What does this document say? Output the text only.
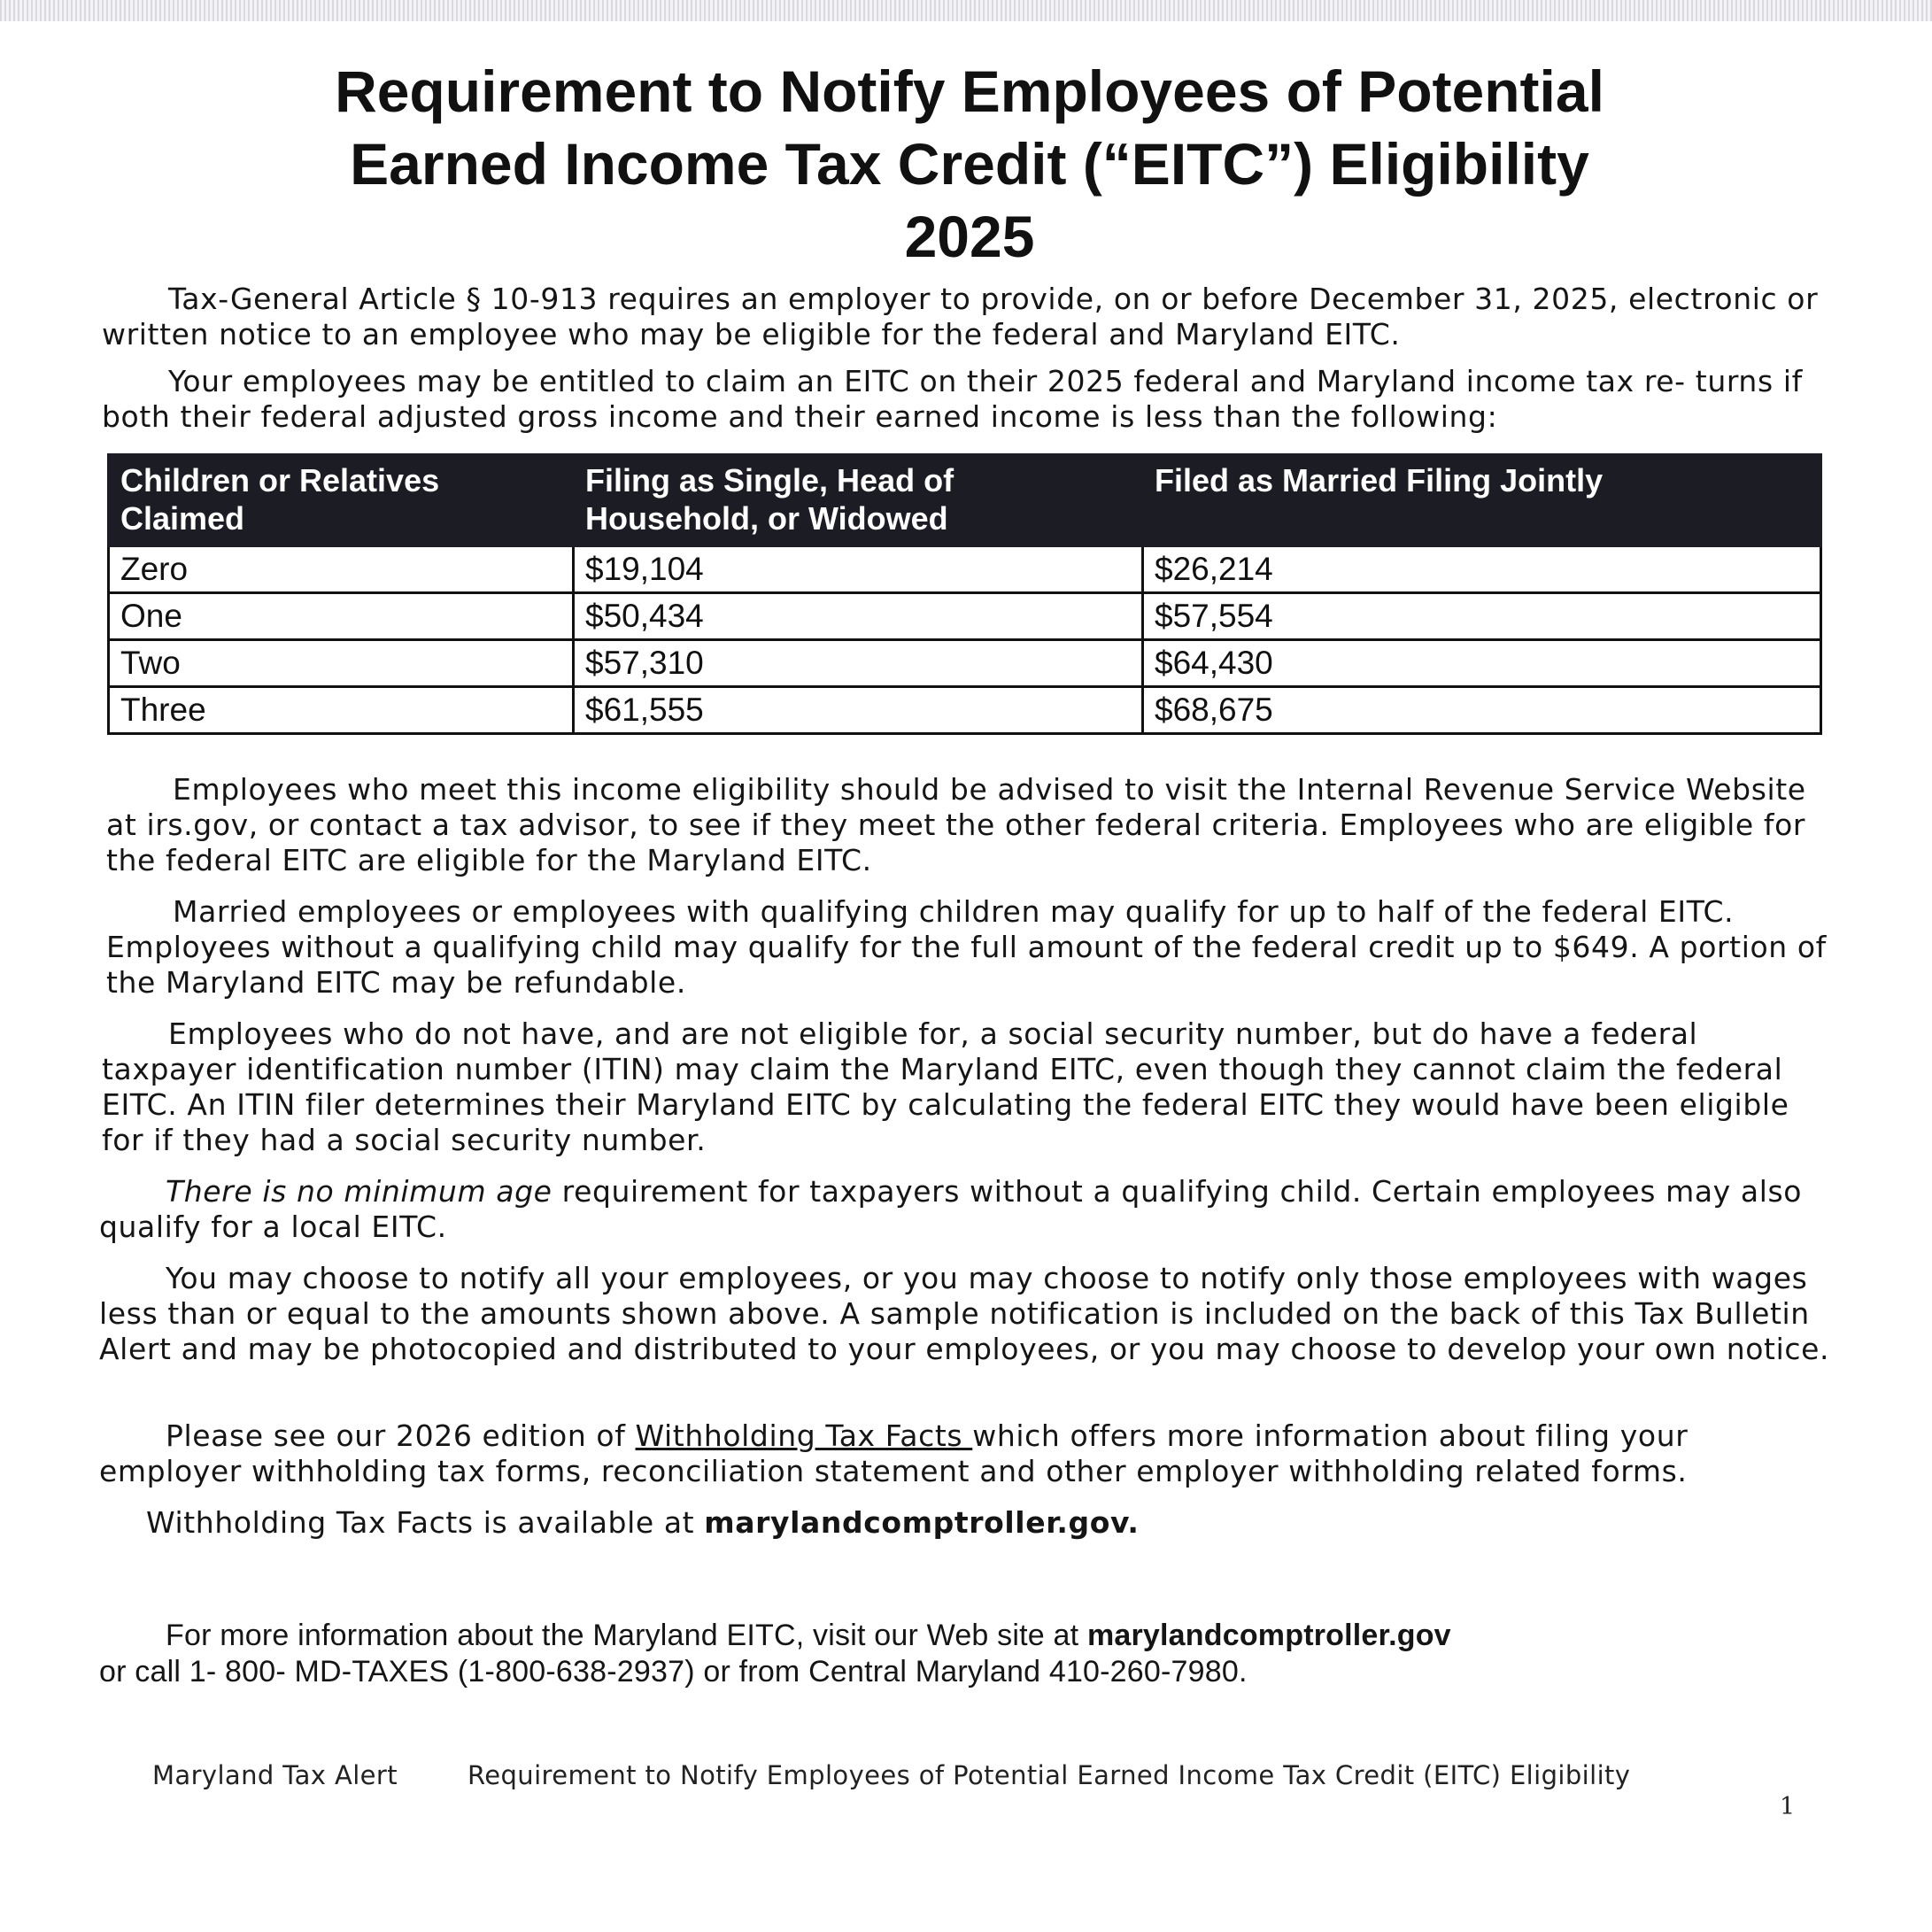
Requirement to Notify Employees of Potential
Earned Income Tax Credit (“EITC”) Eligibility
2025

Tax-General Article § 10-913 requires an employer to provide, on or before December 31, 2025, electronic or written notice to an employee who may be eligible for the federal and Maryland EITC.

Your employees may be entitled to claim an EITC on their 2025 federal and Maryland income tax re- turns if both their federal adjusted gross income and their earned income is less than the following:

Children or Relatives Claimed	Filing as Single, Head of Household, or Widowed	Filed as Married Filing Jointly
Zero	$19,104	$26,214
One	$50,434	$57,554
Two	$57,310	$64,430
Three	$61,555	$68,675

Employees who meet this income eligibility should be advised to visit the Internal Revenue Service Website at irs.gov, or contact a tax advisor, to see if they meet the other federal criteria. Employees who are eligible for the federal EITC are eligible for the Maryland EITC.

Married employees or employees with qualifying children may qualify for up to half of the federal EITC. Employees without a qualifying child may qualify for the full amount of the federal credit up to $649. A portion of the Maryland EITC may be refundable.

Employees who do not have, and are not eligible for, a social security number, but do have a federal taxpayer identification number (ITIN) may claim the Maryland EITC, even though they cannot claim the federal EITC. An ITIN filer determines their Maryland EITC by calculating the federal EITC they would have been eligible for if they had a social security number.

There is no minimum age requirement for taxpayers without a qualifying child. Certain employees may also qualify for a local EITC.

You may choose to notify all your employees, or you may choose to notify only those employees with wages less than or equal to the amounts shown above. A sample notification is included on the back of this Tax Bulletin Alert and may be photocopied and distributed to your employees, or you may choose to develop your own notice.

Please see our 2026 edition of Withholding Tax Facts which offers more information about filing your employer withholding tax forms, reconciliation statement and other employer withholding related forms.

Withholding Tax Facts is available at marylandcomptroller.gov.

For more information about the Maryland EITC, visit our Web site at marylandcomptroller.gov
or call 1- 800- MD-TAXES (1-800-638-2937) or from Central Maryland 410-260-7980.

Maryland Tax Alert	Requirement to Notify Employees of Potential Earned Income Tax Credit (EITC) Eligibility
1
